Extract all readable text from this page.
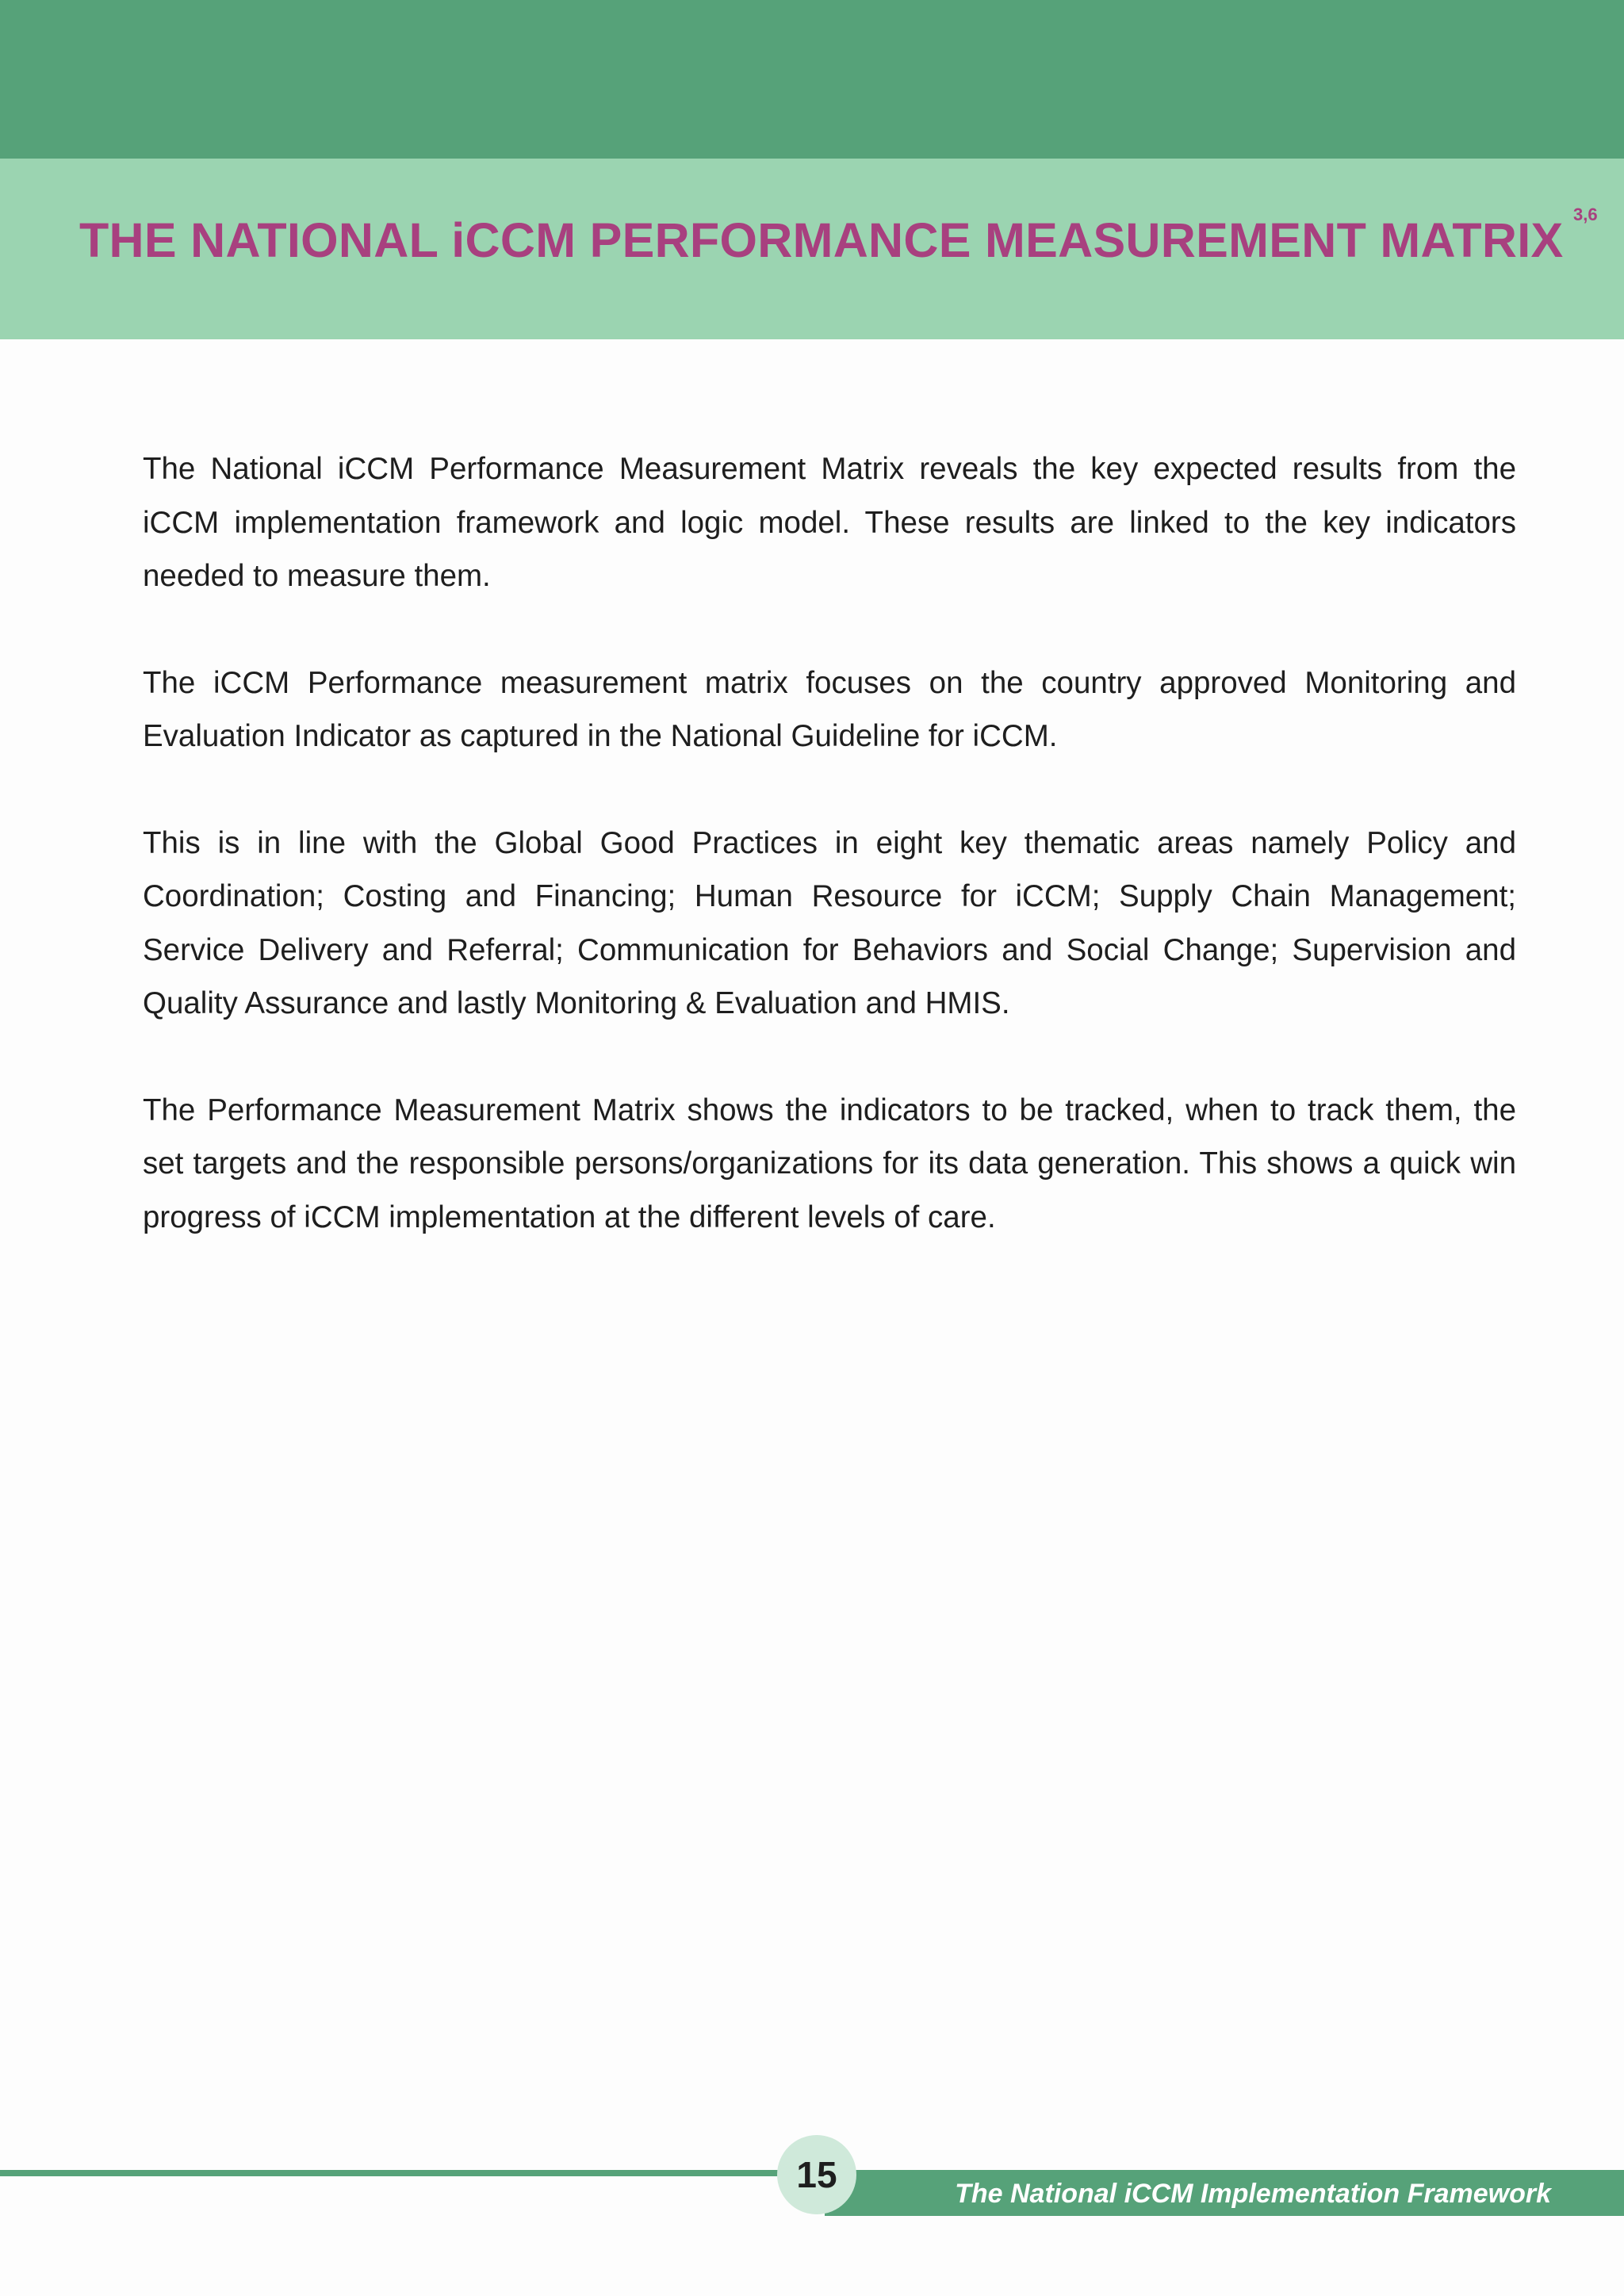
THE NATIONAL iCCM PERFORMANCE MEASUREMENT MATRIX 3,6

The National iCCM Performance Measurement Matrix reveals the key expected results from the iCCM implementation framework and logic model. These results are linked to the key indicators needed to measure them.

The iCCM Performance measurement matrix focuses on the country approved Monitoring and Evaluation Indicator as captured in the National Guideline for iCCM.

This is in line with the Global Good Practices in eight key thematic areas namely Policy and Coordination; Costing and Financing; Human Resource for iCCM; Supply Chain Management; Service Delivery and Referral; Communication for Behaviors and Social Change; Supervision and Quality Assurance and lastly Monitoring & Evaluation and HMIS.

The Performance Measurement Matrix shows the indicators to be tracked, when to track them, the set targets and the responsible persons/organizations for its data generation. This shows a quick win progress of iCCM implementation at the different levels of care.

The National iCCM Implementation Framework
15
